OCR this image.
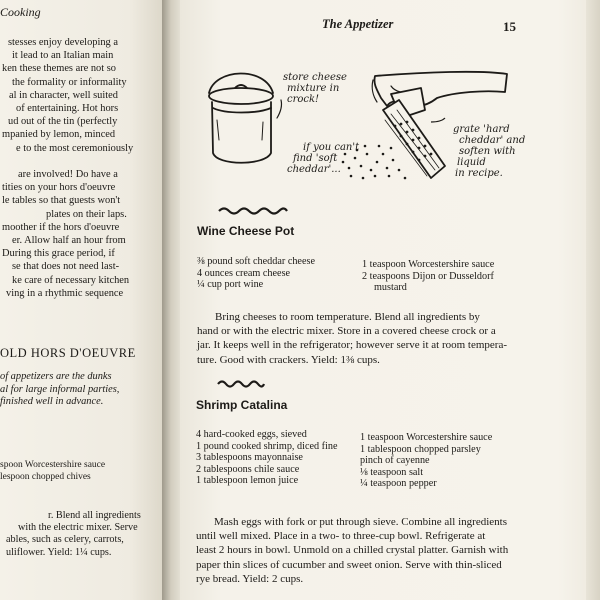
Cooking
stesses enjoy developing a
it lead to an Italian main
ken these themes are not so
the formality or informality
al in character, well suited
of entertaining. Hot hors
ud out of the tin (perfectly
mpanied by lemon, minced
e to the most ceremoniously
are involved! Do have a
tities on your hors d'oeuvre
le tables so that guests won't
plates on their laps.
moother if the hors d'oeuvre
er. Allow half an hour from
During this grace period, if
se that does not need last-
ke care of necessary kitchen
ving in a rhythmic sequence
OLD HORS D'OEUVRE
of appetizers are the dunks
al for large informal parties,
finished well in advance.
spoon Worcestershire sauce
lespoon chopped chives
r. Blend all ingredients
with the electric mixer. Serve
ables, such as celery, carrots,
uliflower. Yield: 1¼ cups.
The Appetizer	15
store cheese
mixture in
crock!
if you can't
find 'soft
cheddar'...
grate 'hard
cheddar' and
soften with
liquid
in recipe.
Wine Cheese Pot
⅜ pound soft cheddar cheese
4 ounces cream cheese
¼ cup port wine
1 teaspoon Worcestershire sauce
2 teaspoons Dijon or Dusseldorf
mustard
Bring cheeses to room temperature. Blend all ingredients by
hand or with the electric mixer. Store in a covered cheese crock or a
jar. It keeps well in the refrigerator; however serve it at room tempera-
ture. Good with crackers. Yield: 1⅜ cups.
Shrimp Catalina
4 hard-cooked eggs, sieved
1 pound cooked shrimp, diced fine
3 tablespoons mayonnaise
2 tablespoons chile sauce
1 tablespoon lemon juice
1 teaspoon Worcestershire sauce
1 tablespoon chopped parsley
pinch of cayenne
⅛ teaspoon salt
¼ teaspoon pepper
Mash eggs with fork or put through sieve. Combine all ingredients
until well mixed. Place in a two- to three-cup bowl. Refrigerate at
least 2 hours in bowl. Unmold on a chilled crystal platter. Garnish with
paper thin slices of cucumber and sweet onion. Serve with thin-sliced
rye bread. Yield: 2 cups.
